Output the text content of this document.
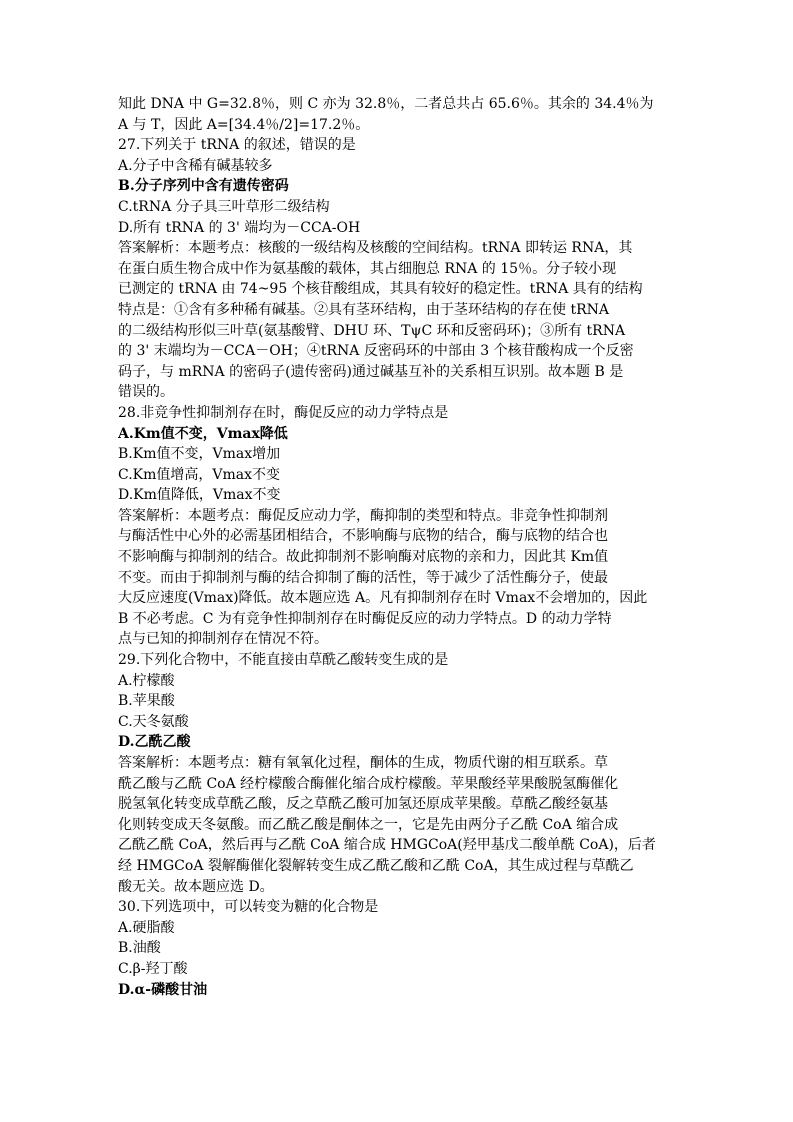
知此 DNA 中 G=32.8％，则 C 亦为 32.8％，二者总共占 65.6％。其余的 34.4％为
A 与 T，因此 A=[34.4％/2]=17.2％。
27.下列关于 tRNA 的叙述，错误的是
A.分子中含稀有碱基较多
B.分子序列中含有遗传密码
C.tRNA 分子具三叶草形二级结构
D.所有 tRNA 的 3' 端均为－CCA-OH
答案解析：本题考点：核酸的一级结构及核酸的空间结构。tRNA 即转运 RNA，其
在蛋白质生物合成中作为氨基酸的载体，其占细胞总 RNA 的 15％。分子较小现
已测定的 tRNA 由 74~95 个核苷酸组成，其具有较好的稳定性。tRNA 具有的结构
特点是：①含有多种稀有碱基。②具有茎环结构，由于茎环结构的存在使 tRNA
的二级结构形似三叶草(氨基酸臂、DHU 环、TψC 环和反密码环)；③所有 tRNA
的 3' 末端均为－CCA－OH；④tRNA 反密码环的中部由 3 个核苷酸构成一个反密
码子，与 mRNA 的密码子(遗传密码)通过碱基互补的关系相互识别。故本题 B 是
错误的。
28.非竞争性抑制剂存在时，酶促反应的动力学特点是
A.Km值不变，Vmax降低
B.Km值不变，Vmax增加
C.Km值增高，Vmax不变
D.Km值降低，Vmax不变
答案解析：本题考点：酶促反应动力学，酶抑制的类型和特点。非竞争性抑制剂
与酶活性中心外的必需基团相结合，不影响酶与底物的结合，酶与底物的结合也
不影响酶与抑制剂的结合。故此抑制剂不影响酶对底物的亲和力，因此其 Km值
不变。而由于抑制剂与酶的结合抑制了酶的活性，等于减少了活性酶分子，使最
大反应速度(Vmax)降低。故本题应选 A。凡有抑制剂存在时 Vmax不会增加的，因此
B 不必考虑。C 为有竞争性抑制剂存在时酶促反应的动力学特点。D 的动力学特
点与已知的抑制剂存在情况不符。
29.下列化合物中，不能直接由草酰乙酸转变生成的是
A.柠檬酸
B.苹果酸
C.天冬氨酸
D.乙酰乙酸
答案解析：本题考点：糖有氧氧化过程，酮体的生成，物质代谢的相互联系。草
酰乙酸与乙酰 CoA 经柠檬酸合酶催化缩合成柠檬酸。苹果酸经苹果酸脱氢酶催化
脱氢氧化转变成草酰乙酸，反之草酰乙酸可加氢还原成苹果酸。草酰乙酸经氨基
化则转变成天冬氨酸。而乙酰乙酸是酮体之一，它是先由两分子乙酰 CoA 缩合成
乙酰乙酰 CoA，然后再与乙酰 CoA 缩合成 HMGCoA(羟甲基戊二酸单酰 CoA)，后者
经 HMGCoA 裂解酶催化裂解转变生成乙酰乙酸和乙酰 CoA，其生成过程与草酰乙
酸无关。故本题应选 D。
30.下列选项中，可以转变为糖的化合物是
A.硬脂酸
B.油酸
C.β-羟丁酸
D.α-磷酸甘油
